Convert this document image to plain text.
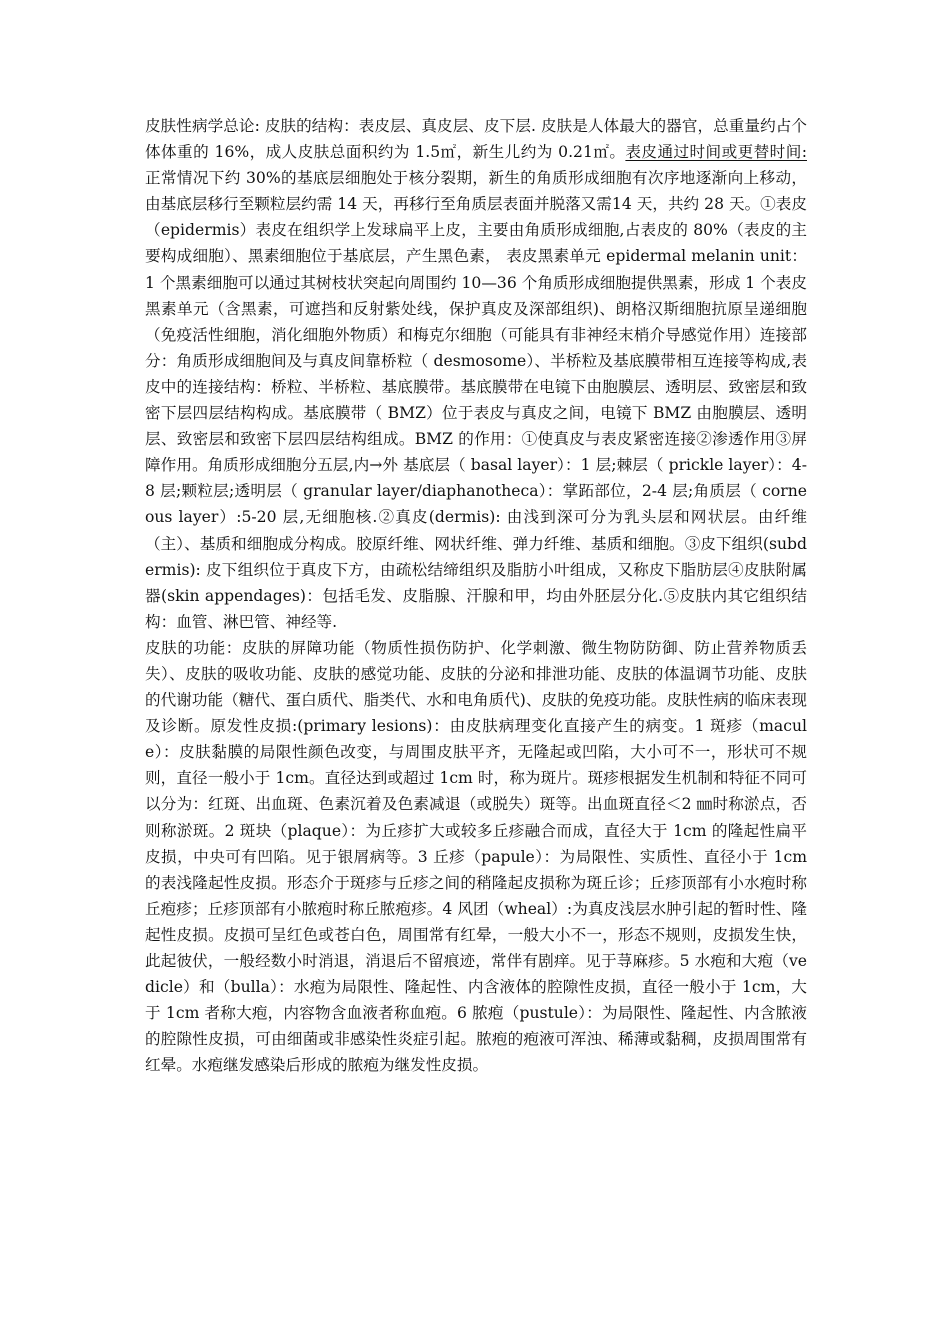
皮肤性病学总论: 皮肤的结构：表皮层、真皮层、皮下层. 皮肤是人体最大的器官，总重量约占个体体重的 16%，成人皮肤总面积约为 1.5㎡，新生儿约为 0.21㎡。表皮通过时间或更替时间: 正常情况下约 30%的基底层细胞处于核分裂期，新生的角质形成细胞有次序地逐渐向上移动，由基底层移行至颗粒层约需 14 天，再移行至角质层表面并脱落又需14 天，共约 28 天。①表皮（epidermis）表皮在组织学上发球扁平上皮，主要由角质形成细胞,占表皮的 80%（表皮的主要构成细胞）、黑素细胞位于基底层，产生黑色素， 表皮黑素单元 epidermal melanin unit：1 个黑素细胞可以通过其树枝状突起向周围约 10—36 个角质形成细胞提供黑素，形成 1 个表皮黑素单元（含黑素，可遮挡和反射紫处线，保护真皮及深部组织)、朗格汉斯细胞抗原呈递细胞（免疫活性细胞，消化细胞外物质）和梅克尔细胞（可能具有非神经末梢介导感觉作用）连接部分：角质形成细胞间及与真皮间靠桥粒（ desmosome）、半桥粒及基底膜带相互连接等构成,表皮中的连接结构：桥粒、半桥粒、基底膜带。基底膜带在电镜下由胞膜层、透明层、致密层和致密下层四层结构构成。基底膜带（ BMZ）位于表皮与真皮之间，电镜下 BMZ 由胞膜层、透明层、致密层和致密下层四层结构组成。BMZ 的作用：①使真皮与表皮紧密连接②渗透作用③屏障作用。角质形成细胞分五层,内→外 基底层（ basal layer）：1 层;棘层（ prickle layer）：4-8 层;颗粒层;透明层（ granular layer/diaphanotheca）：掌跖部位，2-4 层;角质层（ corneous layer）:5-20 层,无细胞核.②真皮(dermis): 由浅到深可分为乳头层和网状层。由纤维（主）、基质和细胞成分构成。胶原纤维、网状纤维、弹力纤维、基质和细胞。③皮下组织(subdermis): 皮下组织位于真皮下方，由疏松结缔组织及脂肪小叶组成，又称皮下脂肪层④皮肤附属器(skin appendages)：包括毛发、皮脂腺、汗腺和甲，均由外胚层分化.⑤皮肤内其它组织结构：血管、淋巴管、神经等.

皮肤的功能：皮肤的屏障功能（物质性损伤防护、化学刺激、微生物防防御、防止营养物质丢失）、皮肤的吸收功能、皮肤的感觉功能、皮肤的分泌和排泄功能、皮肤的体温调节功能、皮肤的代谢功能（糖代、蛋白质代、脂类代、水和电角质代)、皮肤的免疫功能。皮肤性病的临床表现及诊断。原发性皮损:(primary lesions)：由皮肤病理变化直接产生的病变。1 斑疹（macule）：皮肤黏膜的局限性颜色改变，与周围皮肤平齐，无隆起或凹陷，大小可不一，形状可不规则，直径一般小于 1cm。直径达到或超过 1cm 时，称为斑片。斑疹根据发生机制和特征不同可以分为：红斑、出血斑、色素沉着及色素减退（或脱失）斑等。出血斑直径＜2 ㎜时称淤点，否则称淤斑。2 斑块（plaque）：为丘疹扩大或较多丘疹融合而成，直径大于 1cm 的隆起性扁平皮损，中央可有凹陷。见于银屑病等。3 丘疹（papule）：为局限性、实质性、直径小于 1cm 的表浅隆起性皮损。形态介于斑疹与丘疹之间的稍隆起皮损称为斑丘诊；丘疹顶部有小水疱时称丘疱疹；丘疹顶部有小脓疱时称丘脓疱疹。4 风团（wheal）:为真皮浅层水肿引起的暂时性、隆起性皮损。皮损可呈红色或苍白色，周围常有红晕，一般大小不一，形态不规则，皮损发生快，此起彼伏，一般经数小时消退，消退后不留痕迹，常伴有剧痒。见于荨麻疹。5 水疱和大疱（vedicle）和（bulla）：水疱为局限性、隆起性、内含液体的腔隙性皮损，直径一般小于 1cm，大于 1cm 者称大疱，内容物含血液者称血疱。6 脓疱（pustule）：为局限性、隆起性、内含脓液的腔隙性皮损，可由细菌或非感染性炎症引起。脓疱的疱液可浑浊、稀薄或黏稠，皮损周围常有红晕。水疱继发感染后形成的脓疱为继发性皮损。
